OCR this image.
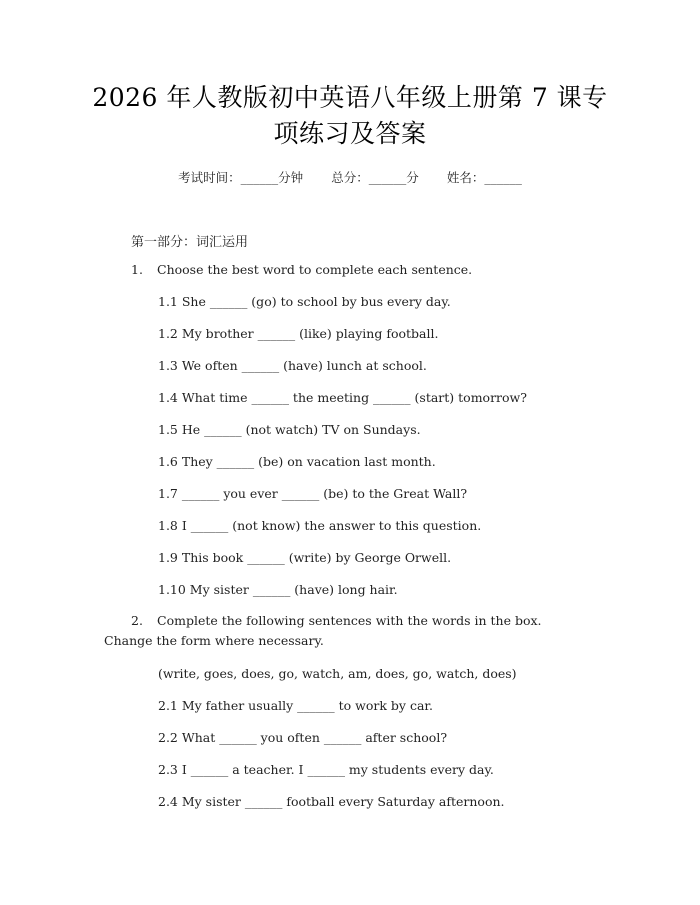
2026 年人教版初中英语八年级上册第 7 课专
项练习及答案
考试时间：______分钟 总分：______分 姓名：______
第一部分：词汇运用
1. Choose the best word to complete each sentence.
1.1 She ______ (go) to school by bus every day.
1.2 My brother ______ (like) playing football.
1.3 We often ______ (have) lunch at school.
1.4 What time ______ the meeting ______ (start) tomorrow?
1.5 He ______ (not watch) TV on Sundays.
1.6 They ______ (be) on vacation last month.
1.7 ______ you ever ______ (be) to the Great Wall?
1.8 I ______ (not know) the answer to this question.
1.9 This book ______ (write) by George Orwell.
1.10 My sister ______ (have) long hair.
2. Complete the following sentences with the words in the box.
Change the form where necessary.
(write, goes, does, go, watch, am, does, go, watch, does)
2.1 My father usually ______ to work by car.
2.2 What ______ you often ______ after school?
2.3 I ______ a teacher. I ______ my students every day.
2.4 My sister ______ football every Saturday afternoon.
